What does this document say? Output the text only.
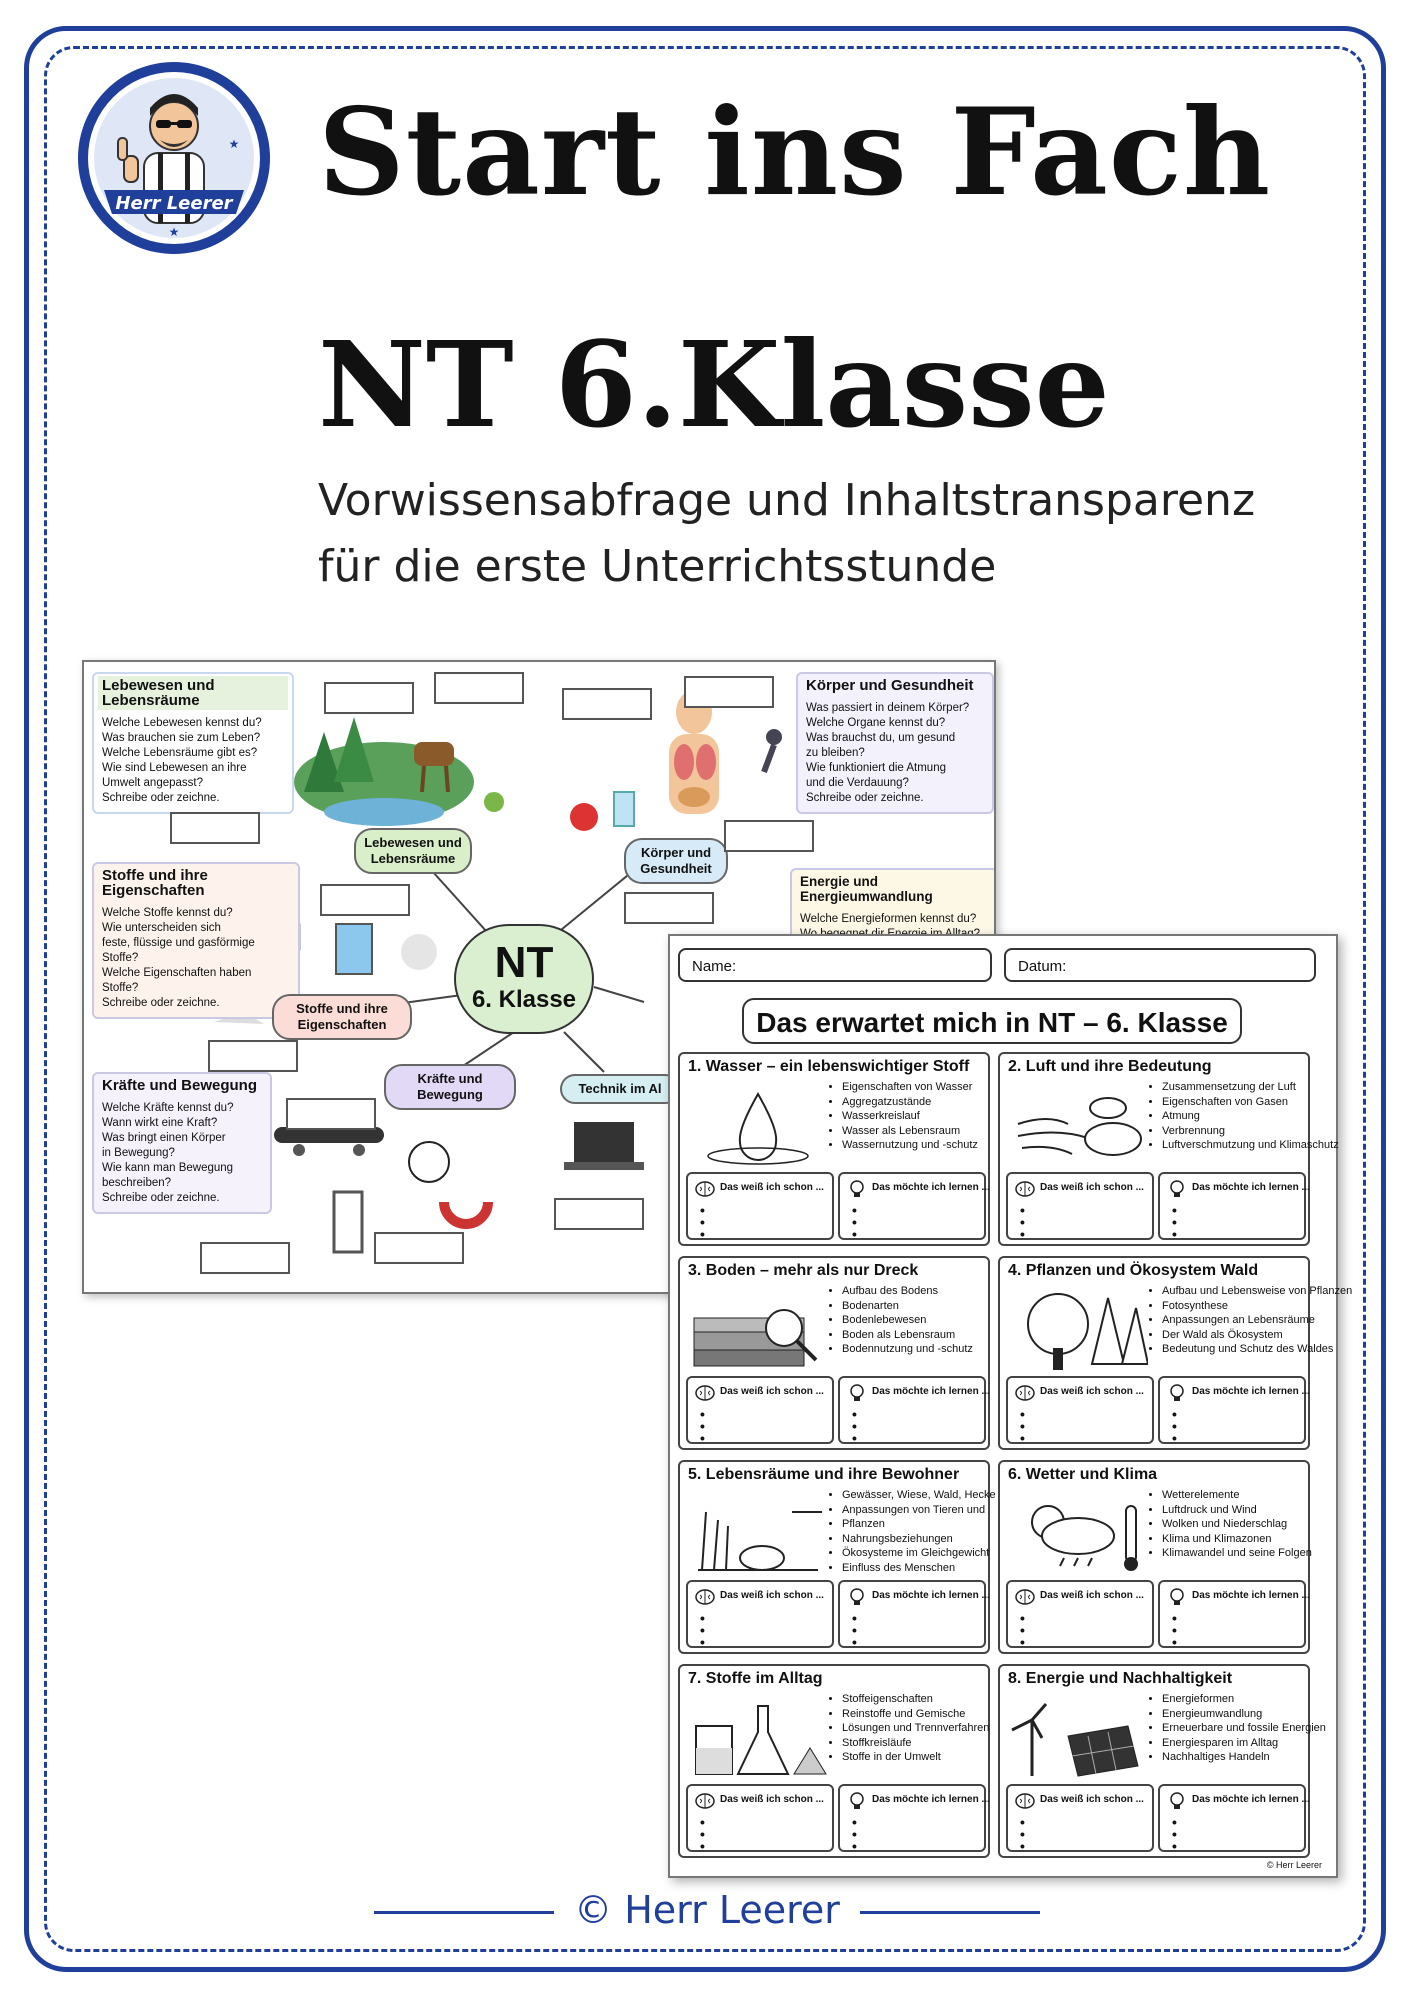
Herr Leerer
★
★ Start ins Fach
NT 6.Klasse
Vorwissensabfrage und Inhaltstransparenz
für die erste Unterrichtsstunde
Lebewesen und Lebensräume
Welche Lebewesen kennst du?
Was brauchen sie zum Leben?
Welche Lebensräume gibt es?
Wie sind Lebewesen an ihre
Umwelt angepasst?
Schreibe oder zeichne.
Körper und Gesundheit
Was passiert in deinem Körper?
Welche Organe kennst du?
Was brauchst du, um gesund
zu bleiben?
Wie funktioniert die Atmung
und die Verdauung?
Schreibe oder zeichne.
Stoffe und ihre Eigenschaften
Welche Stoffe kennst du?
Wie unterscheiden sich
feste, flüssige und gasförmige
Stoffe?
Welche Eigenschaften haben
Stoffe?
Schreibe oder zeichne.
Energie und Energieumwandlung
Welche Energieformen kennst du?
Kräfte und Bewegung
Welche Kräfte kennst du?
Wann wirkt eine Kraft?
Was bringt einen Körper
in Bewegung?
Wie kann man Bewegung
beschreiben?
Schreibe oder zeichne.
NT
6. Klasse
Lebewesen und Lebensräume	Körper und Gesundheit
Stoffe und ihre Eigenschaften
Kräfte und Bewegung	Technik im Al
Name:	Datum:
Das erwartet mich in NT – 6. Klasse
1. Wasser – ein lebenswichtiger Stoff
• Eigenschaften von Wasser
• Aggregatzustände
• Wasserkreislauf
• Wasser als Lebensraum
• Wassernutzung und -schutz
Das weiß ich schon ...
•
•
•
Das möchte ich lernen ...
•
•
•
2. Luft und ihre Bedeutung
• Zusammensetzung der Luft
• Eigenschaften von Gasen
• Atmung
• Verbrennung
• Luftverschmutzung und Klimaschutz
Das weiß ich schon ...
•
•
•
Das möchte ich lernen ...
•
•
•
3. Boden – mehr als nur Dreck
• Aufbau des Bodens
• Bodenarten
• Bodenlebewesen
• Boden als Lebensraum
• Bodennutzung und -schutz
Das weiß ich schon ...
•
•
•
Das möchte ich lernen ...
•
•
•
4. Pflanzen und Ökosystem Wald
• Aufbau und Lebensweise von Pflanzen
• Fotosynthese
• Anpassungen an Lebensräume
• Der Wald als Ökosystem
• Bedeutung und Schutz des Waldes
Das weiß ich schon ...
•
•
•
Das möchte ich lernen ...
•
•
•
5. Lebensräume und ihre Bewohner
• Gewässer, Wiese, Wald, Hecke
• Anpassungen von Tieren und
• Pflanzen
• Nahrungsbeziehungen
• Ökosysteme im Gleichgewicht
• Einfluss des Menschen
Das weiß ich schon ...
•
•
•
Das möchte ich lernen ...
•
•
•
6. Wetter und Klima
• Wetterelemente
• Luftdruck und Wind
• Wolken und Niederschlag
• Klima und Klimazonen
• Klimawandel und seine Folgen
Das weiß ich schon ...
•
•
•
Das möchte ich lernen ...
•
•
•
7. Stoffe im Alltag
• Stoffeigenschaften
• Reinstoffe und Gemische
• Lösungen und Trennverfahren
• Stoffkreisläufe
• Stoffe in der Umwelt
Das weiß ich schon ...
•
•
•
Das möchte ich lernen ...
•
•
•
8. Energie und Nachhaltigkeit
• Energieformen
• Energieumwandlung
• Erneuerbare und fossile Energien
• Energiesparen im Alltag
• Nachhaltiges Handeln
Das weiß ich schon ...
•
•
•
Das möchte ich lernen ...
•
•
•
© Herr Leerer
© Herr Leerer
